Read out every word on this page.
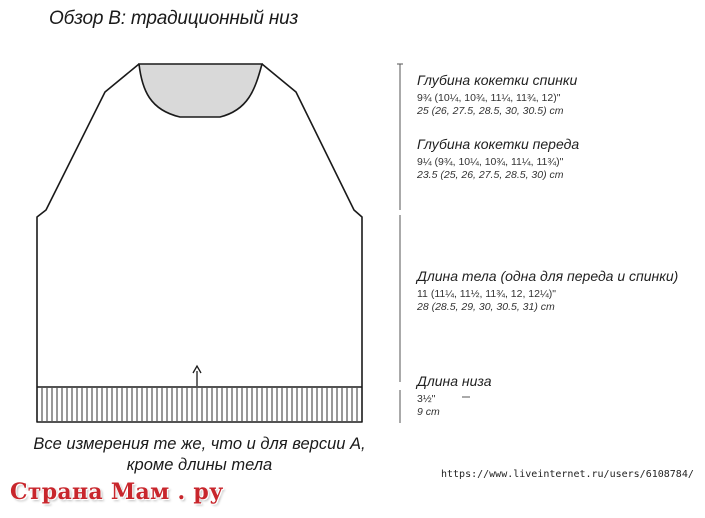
Обзор В: традиционный низ
Глубина кокетки спинки
9¾ (10¼, 10¾, 11¼, 11¾, 12)"
25 (26, 27.5, 28.5, 30, 30.5) cm
Глубина кокетки переда
9¼ (9¾, 10¼, 10¾, 11¼, 11¾)"
23.5 (25, 26, 27.5, 28.5, 30) cm
Длина тела (одна для переда и спинки)
11 (11¼, 11½, 11¾, 12, 12¼)"
28 (28.5, 29, 30, 30.5, 31) cm
Длина низа
3½"
9 cm
Все измерения те же, что и для версии А, кроме длины тела
https://www.liveinternet.ru/users/6108784/
Страна Мам . ру
